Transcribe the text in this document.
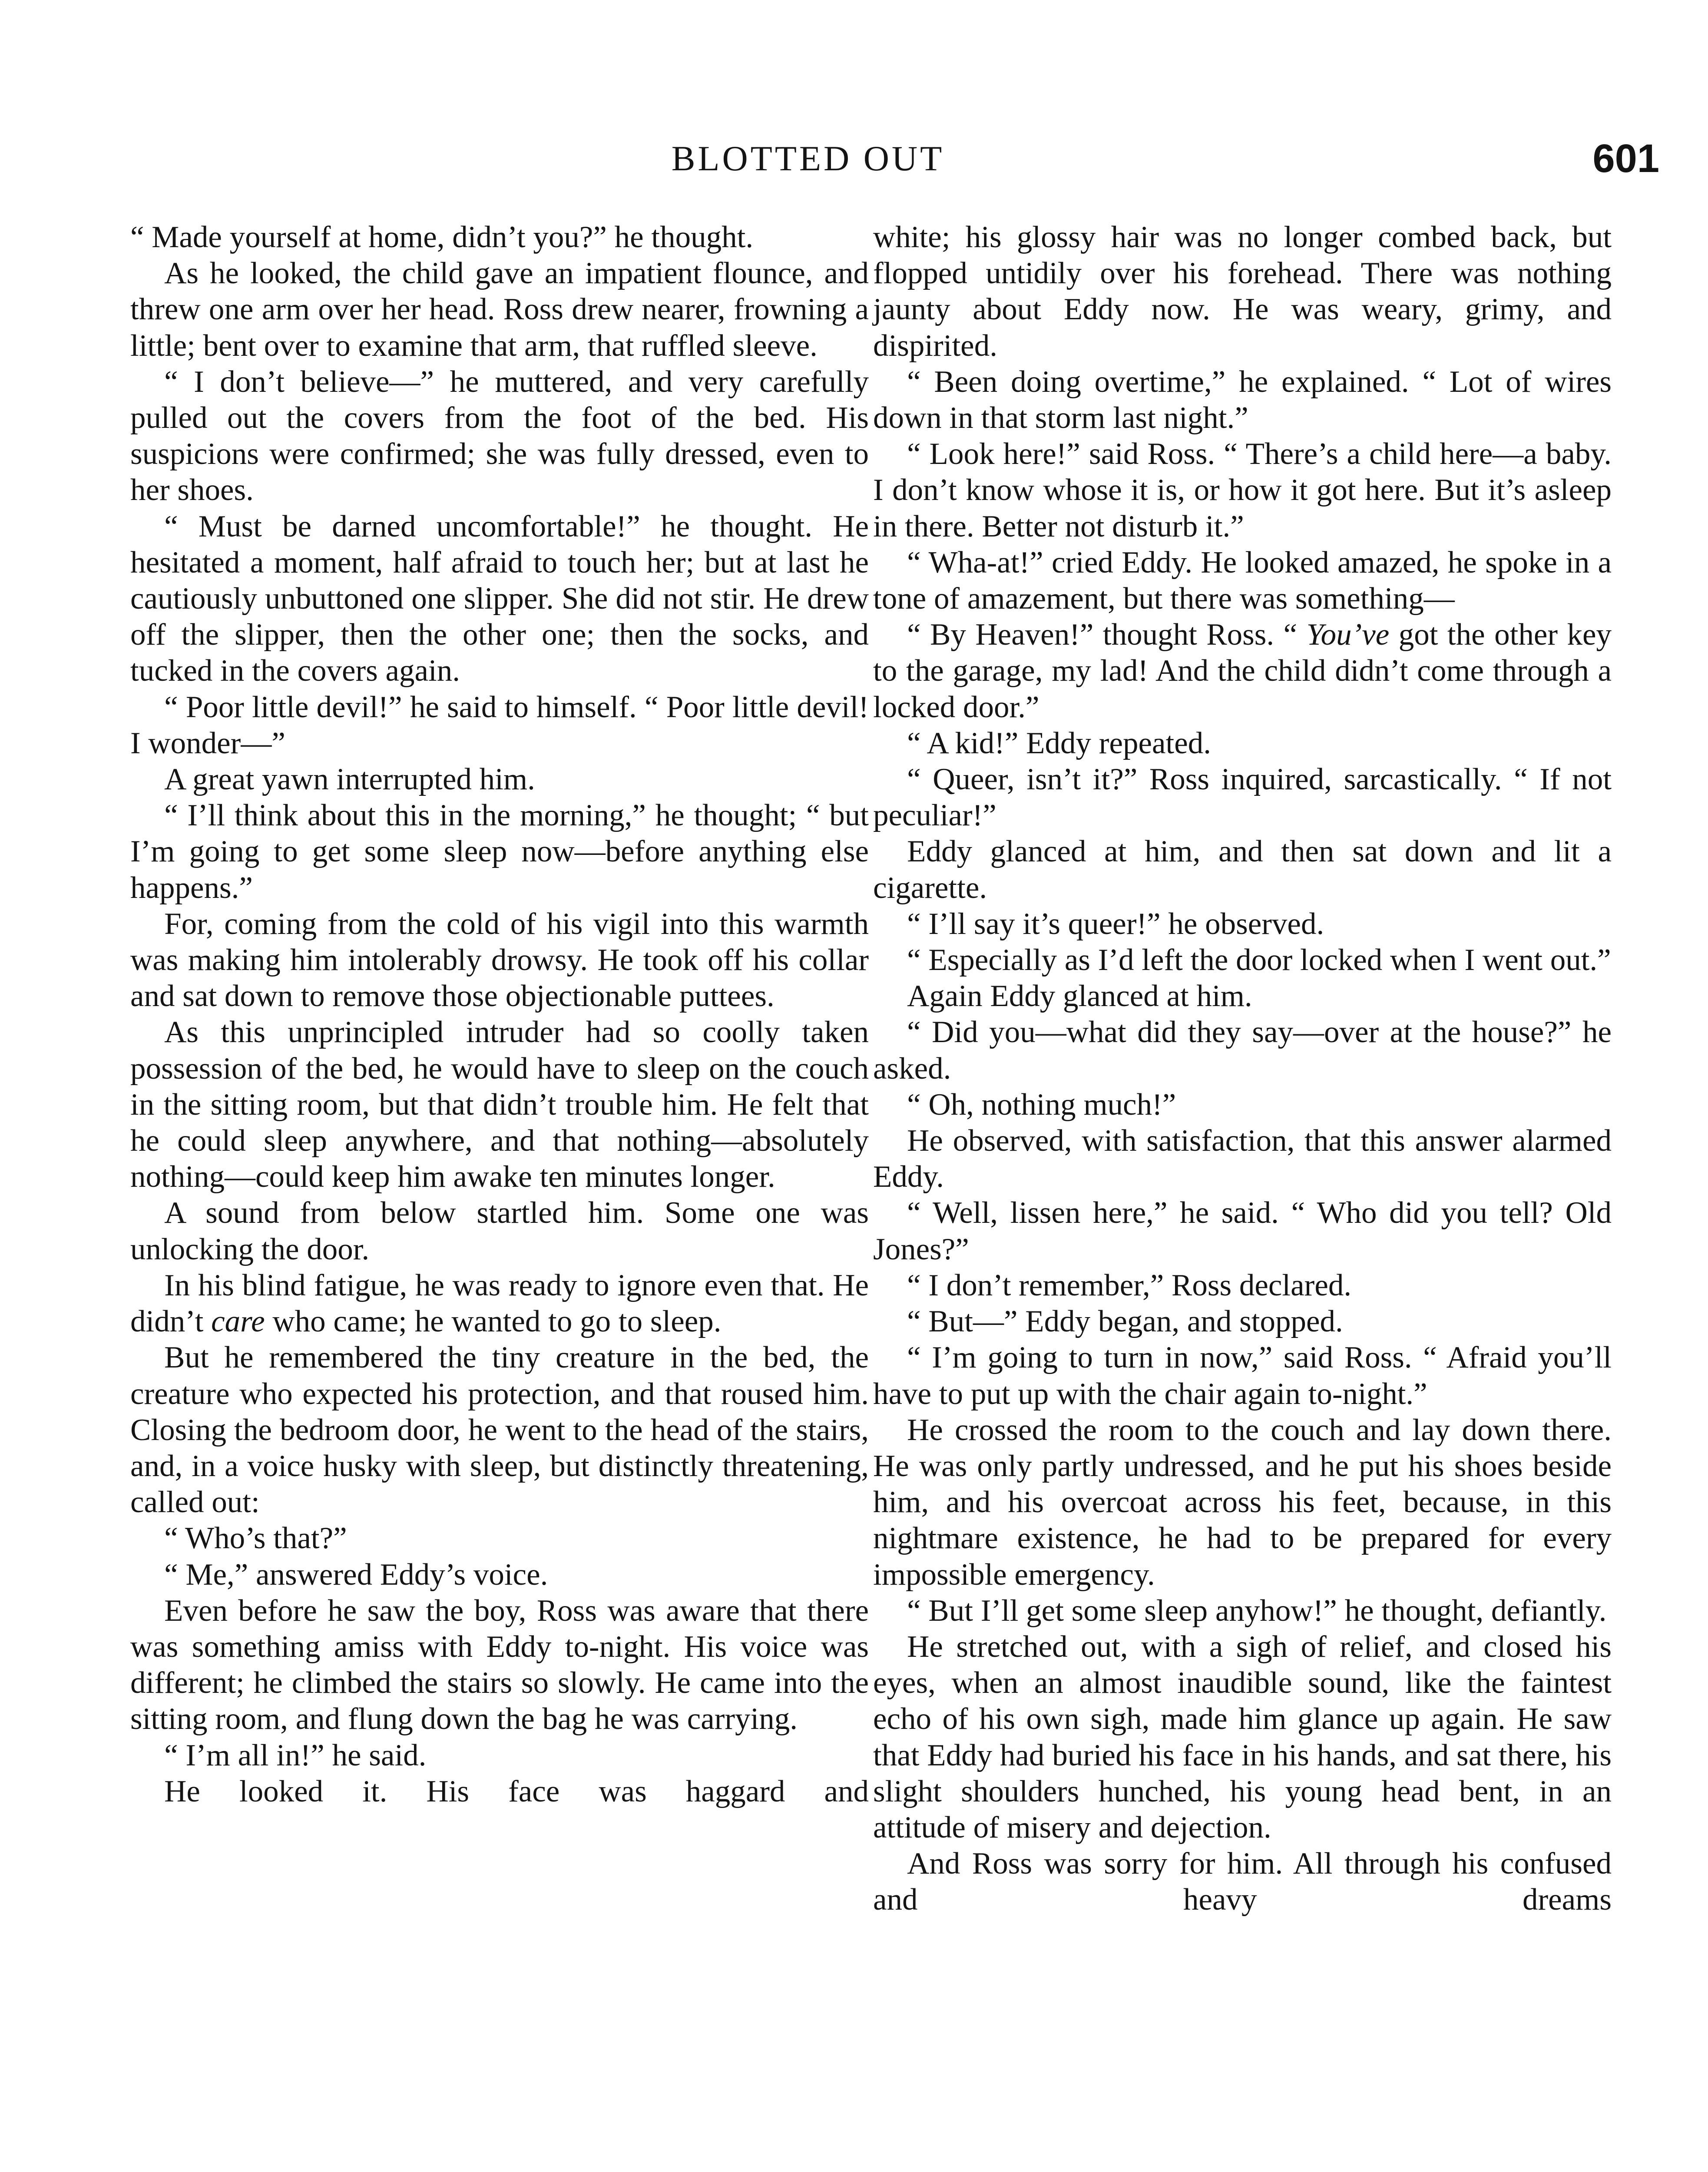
BLOTTED OUT	601

“ Made yourself at home, didn’t you?” he thought.

As he looked, the child gave an impatient flounce, and threw one arm over her head. Ross drew nearer, frowning a little; bent over to examine that arm, that ruffled sleeve.

“ I don’t believe—” he muttered, and very carefully pulled out the covers from the foot of the bed. His suspicions were confirmed; she was fully dressed, even to her shoes.

“ Must be darned uncomfortable!” he thought. He hesitated a moment, half afraid to touch her; but at last he cautiously unbuttoned one slipper. She did not stir. He drew off the slipper, then the other one; then the socks, and tucked in the covers again.

“ Poor little devil!” he said to himself. “ Poor little devil! I wonder—”

A great yawn interrupted him.

“ I’ll think about this in the morning,” he thought; “ but I’m going to get some sleep now—before anything else happens.”

For, coming from the cold of his vigil into this warmth was making him intolerably drowsy. He took off his collar and sat down to remove those objectionable puttees.

As this unprincipled intruder had so coolly taken possession of the bed, he would have to sleep on the couch in the sitting room, but that didn’t trouble him. He felt that he could sleep anywhere, and that nothing—absolutely nothing—could keep him awake ten minutes longer.

A sound from below startled him. Some one was unlocking the door.

In his blind fatigue, he was ready to ignore even that. He didn’t care who came; he wanted to go to sleep.

But he remembered the tiny creature in the bed, the creature who expected his protection, and that roused him. Closing the bedroom door, he went to the head of the stairs, and, in a voice husky with sleep, but distinctly threatening, called out:

“ Who’s that?”

“ Me,” answered Eddy’s voice.

Even before he saw the boy, Ross was aware that there was something amiss with Eddy to-night. His voice was different; he climbed the stairs so slowly. He came into the sitting room, and flung down the bag he was carrying.

“ I’m all in!” he said.

He looked it. His face was haggard and

white; his glossy hair was no longer combed back, but flopped untidily over his forehead. There was nothing jaunty about Eddy now. He was weary, grimy, and dispirited.

“ Been doing overtime,” he explained. “ Lot of wires down in that storm last night.”

“ Look here!” said Ross. “ There’s a child here—a baby. I don’t know whose it is, or how it got here. But it’s asleep in there. Better not disturb it.”

“ Wha-at!” cried Eddy. He looked amazed, he spoke in a tone of amazement, but there was something—

“ By Heaven!” thought Ross. “ You’ve got the other key to the garage, my lad! And the child didn’t come through a locked door.”

“ A kid!” Eddy repeated.

“ Queer, isn’t it?” Ross inquired, sarcastically. “ If not peculiar!”

Eddy glanced at him, and then sat down and lit a cigarette.

“ I’ll say it’s queer!” he observed.

“ Especially as I’d left the door locked when I went out.”

Again Eddy glanced at him.

“ Did you—what did they say—over at the house?” he asked.

“ Oh, nothing much!”

He observed, with satisfaction, that this answer alarmed Eddy.

“ Well, lissen here,” he said. “ Who did you tell? Old Jones?”

“ I don’t remember,” Ross declared.

“ But—” Eddy began, and stopped.

“ I’m going to turn in now,” said Ross. “ Afraid you’ll have to put up with the chair again to-night.”

He crossed the room to the couch and lay down there. He was only partly undressed, and he put his shoes beside him, and his overcoat across his feet, because, in this nightmare existence, he had to be prepared for every impossible emergency.

“ But I’ll get some sleep anyhow!” he thought, defiantly.

He stretched out, with a sigh of relief, and closed his eyes, when an almost inaudible sound, like the faintest echo of his own sigh, made him glance up again. He saw that Eddy had buried his face in his hands, and sat there, his slight shoulders hunched, his young head bent, in an attitude of misery and dejection.

And Ross was sorry for him. All through his confused and heavy dreams
